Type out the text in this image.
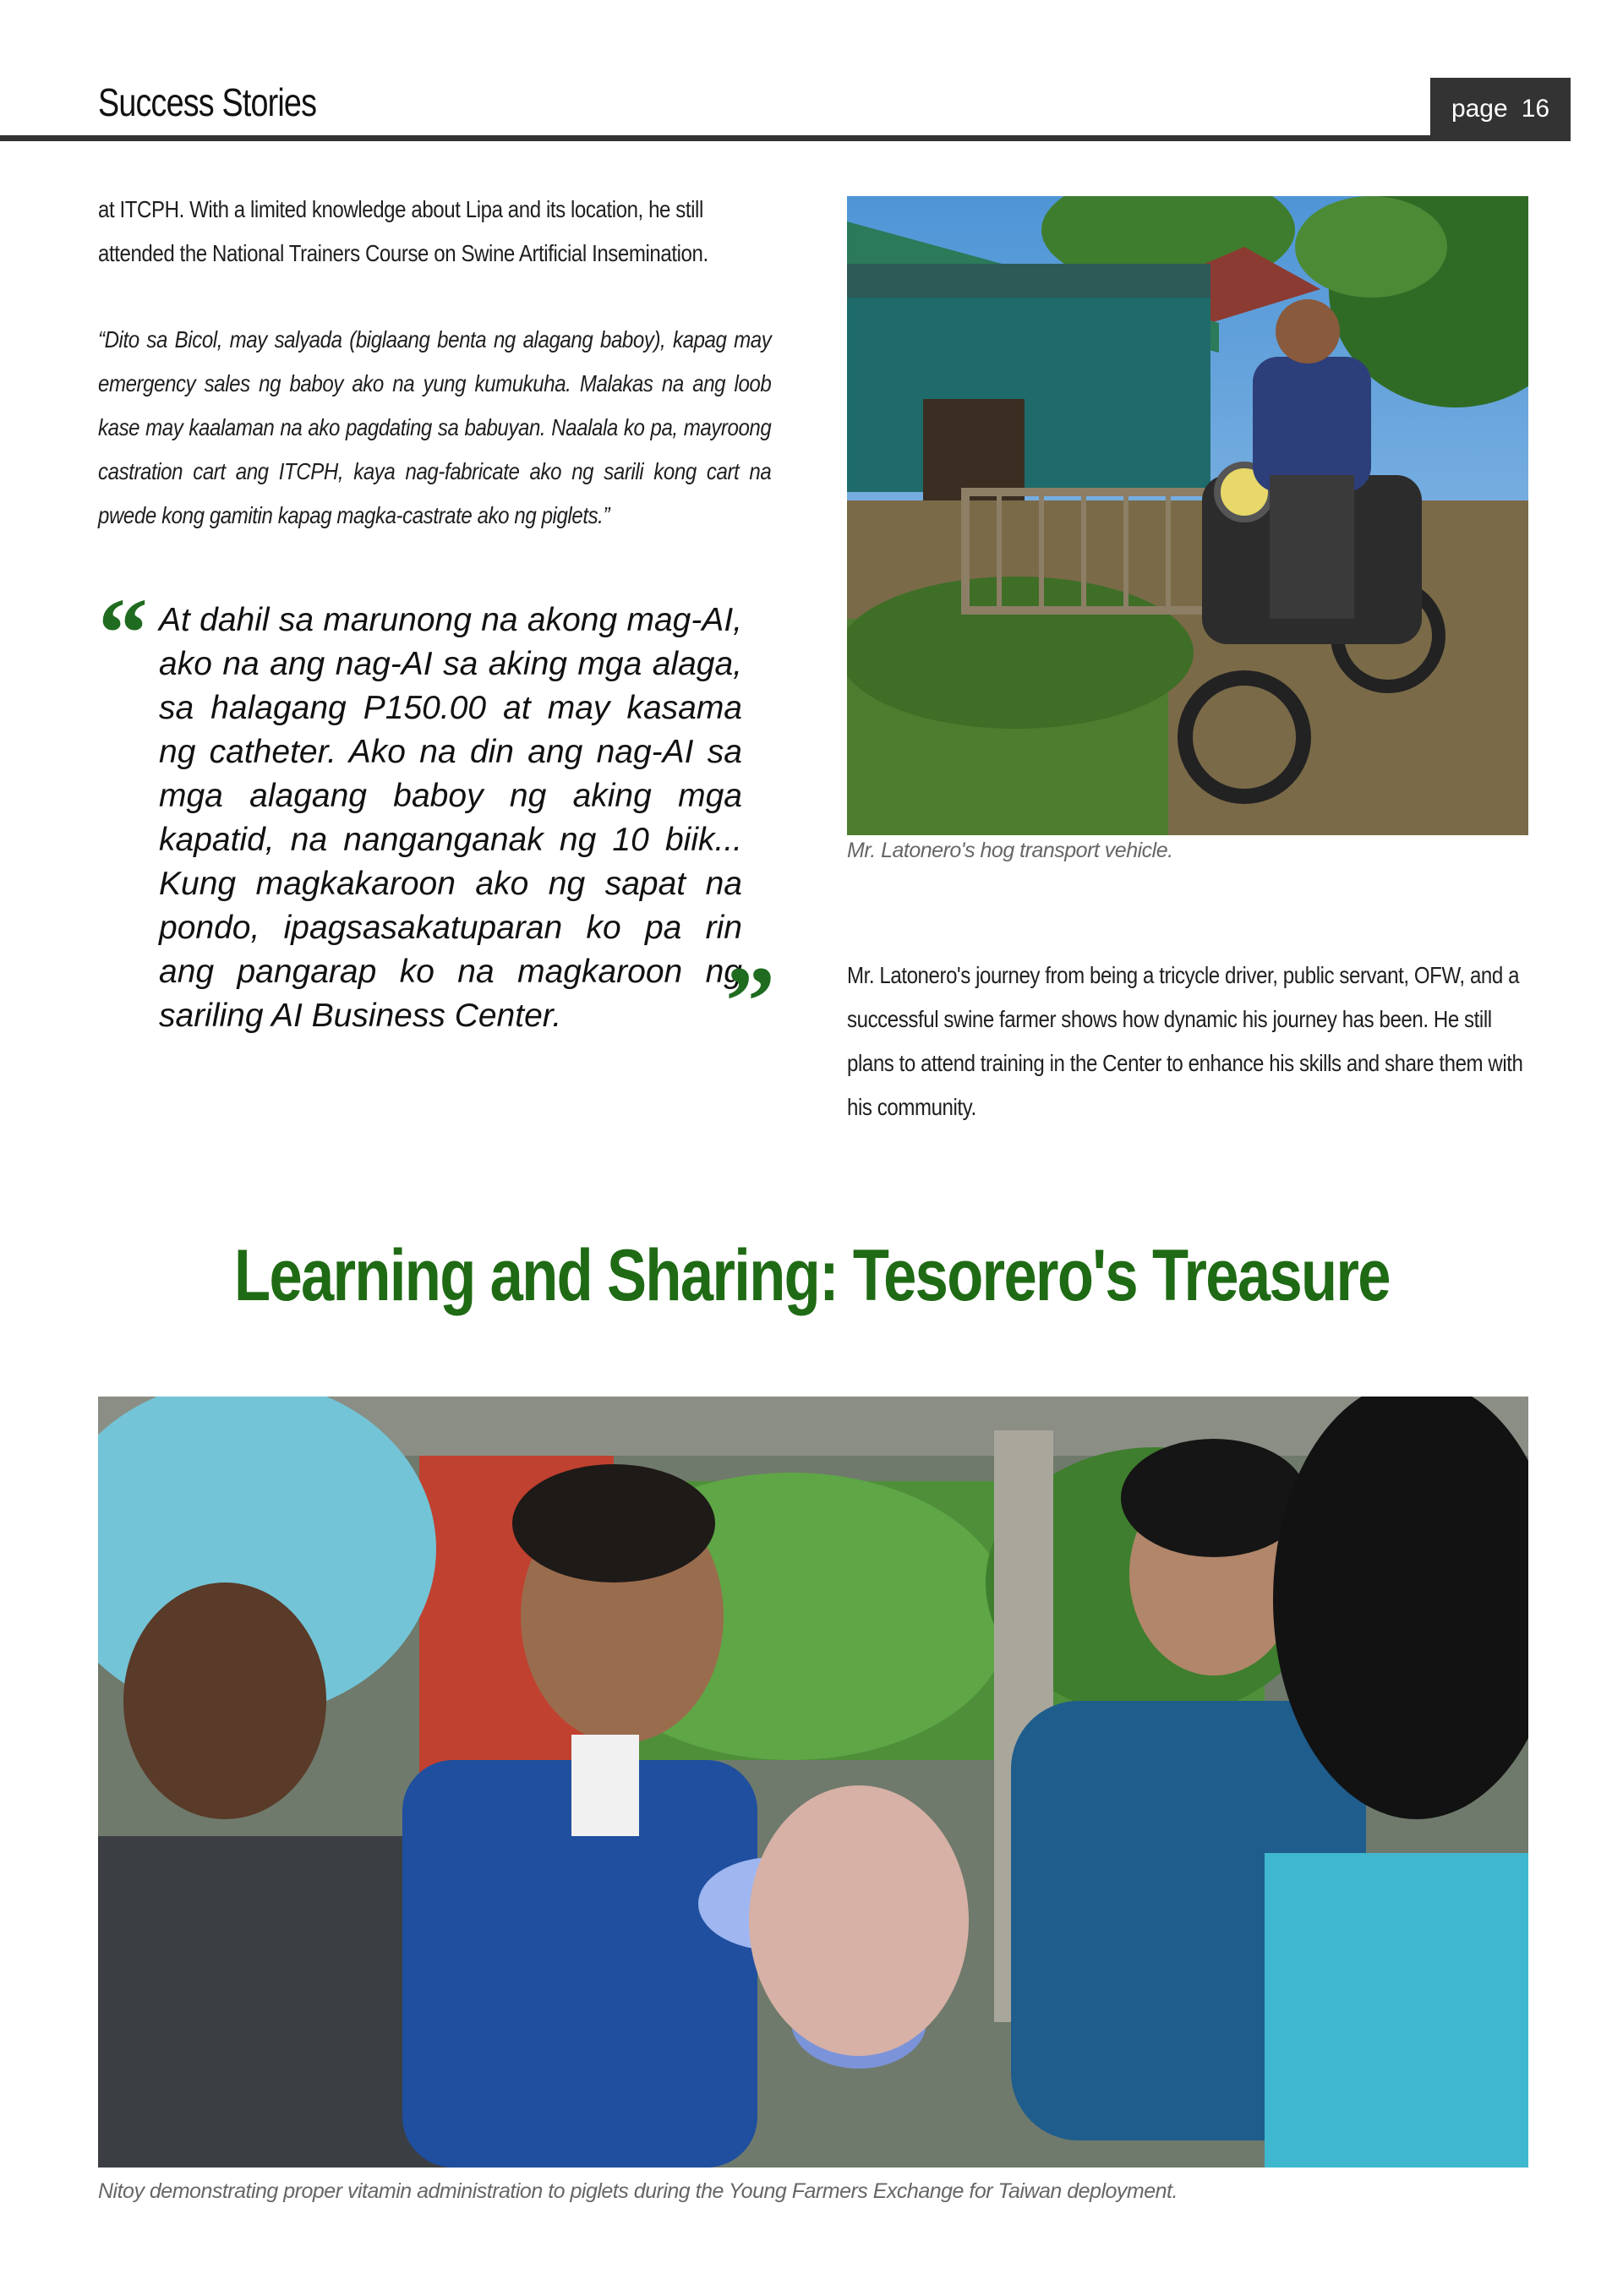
Success Stories	page 16
at ITCPH. With a limited knowledge about Lipa and its location, he still attended the National Trainers Course on Swine Artificial Insemination.
“Dito sa Bicol, may salyada (biglaang benta ng alagang baboy), kapag may emergency sales ng baboy ako na yung kumukuha. Malakas na ang loob kase may kaalaman na ako pagdating sa babuyan. Naalala ko pa, mayroong castration cart ang ITCPH, kaya nag-fabricate ako ng sarili kong cart na pwede kong gamitin kapag magka-castrate ako ng piglets.”
“ At dahil sa marunong na akong mag-AI, ako na ang nag-AI sa aking mga alaga, sa halagang P150.00 at may kasama ng catheter. Ako na din ang nag-AI sa mga alagang baboy ng aking mga kapatid, na nanganganak ng 10 biik... Kung magkakaroon ako ng sapat na pondo, ipagsasakatuparan ko pa rin ang pangarap ko na magkaroon ng sariling AI Business Center.	”
Mr. Latonero's hog transport vehicle.
Mr. Latonero's journey from being a tricycle driver, public servant, OFW, and a successful swine farmer shows how dynamic his journey has been. He still plans to attend training in the Center to enhance his skills and share them with his community.
Learning and Sharing: Tesorero's Treasure
Nitoy demonstrating proper vitamin administration to piglets during the Young Farmers Exchange for Taiwan deployment.
